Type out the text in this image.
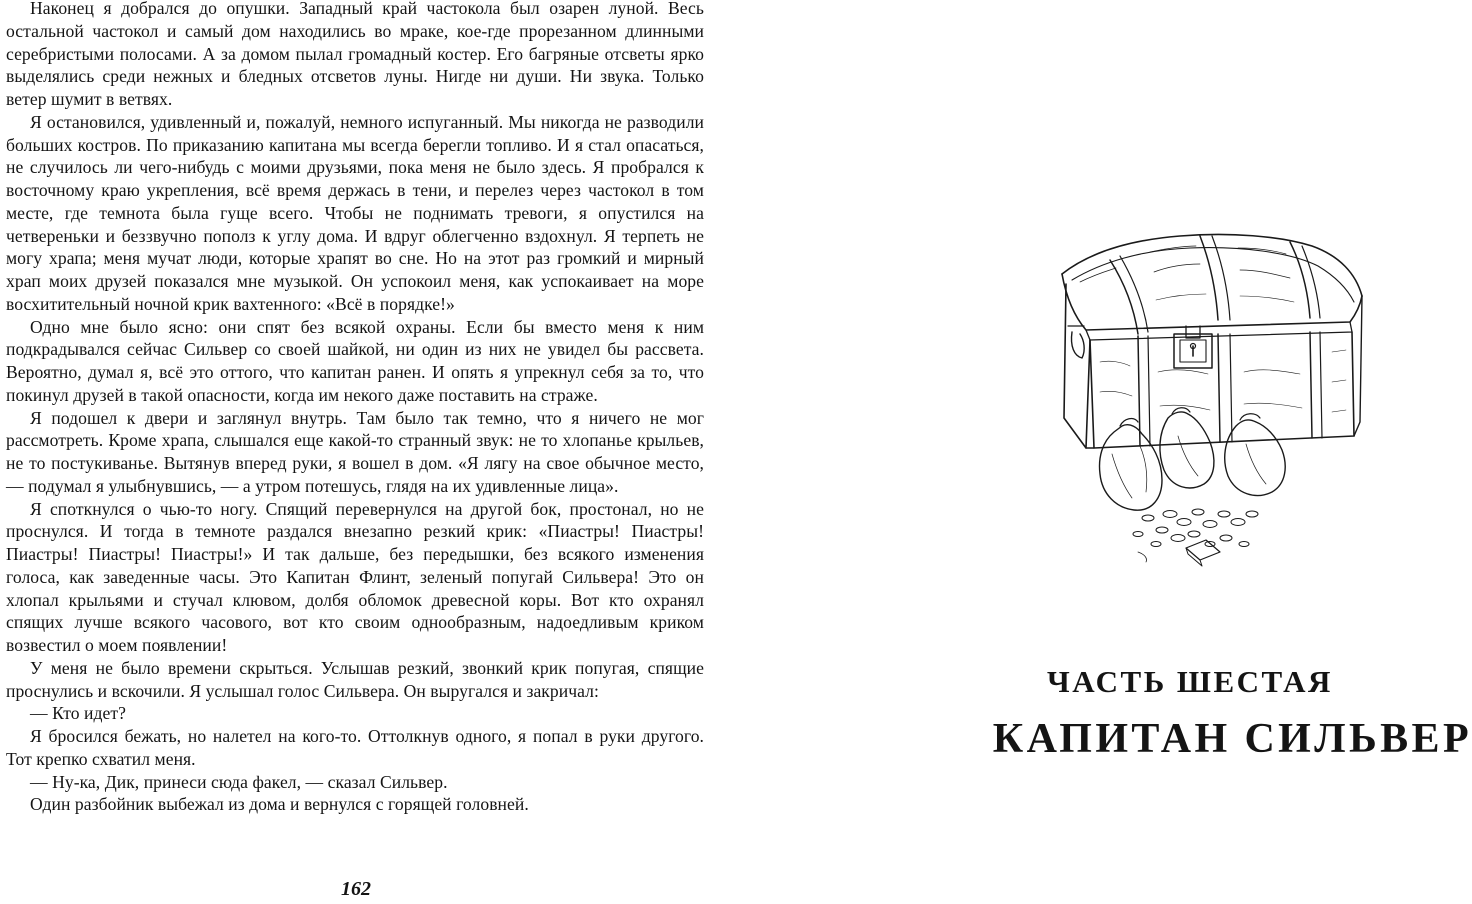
Наконец я добрался до опушки. Западный край частокола был озарен луной. Весь остальной частокол и самый дом находились во мраке, кое-где прорезанном длинными серебристыми полосами. А за домом пылал громадный костер. Его багряные отсветы ярко выделялись среди нежных и бледных отсветов луны. Нигде ни души. Ни звука. Только ветер шумит в ветвях.

Я остановился, удивленный и, пожалуй, немного испуганный. Мы никогда не разводили больших костров. По приказанию капитана мы всегда берегли топливо. И я стал опасаться, не случилось ли чего-нибудь с моими друзьями, пока меня не было здесь. Я пробрался к восточному краю укрепления, всё время держась в тени, и перелез через частокол в том месте, где темнота была гуще всего. Чтобы не поднимать тревоги, я опустился на четвереньки и беззвучно пополз к углу дома. И вдруг облегченно вздохнул. Я терпеть не могу храпа; меня мучат люди, которые храпят во сне. Но на этот раз громкий и мирный храп моих друзей показался мне музыкой. Он успокоил меня, как успокаивает на море восхитительный ночной крик вахтенного: «Всё в порядке!»

Одно мне было ясно: они спят без всякой охраны. Если бы вместо меня к ним подкрадывался сейчас Сильвер со своей шайкой, ни один из них не увидел бы рассвета. Вероятно, думал я, всё это оттого, что капитан ранен. И опять я упрекнул себя за то, что покинул друзей в такой опасности, когда им некого даже поставить на страже.

Я подошел к двери и заглянул внутрь. Там было так темно, что я ничего не мог рассмотреть. Кроме храпа, слышался еще какой-то странный звук: не то хлопанье крыльев, не то постукиванье. Вытянув вперед руки, я вошел в дом. «Я лягу на свое обычное место, — подумал я улыбнувшись, — а утром потешусь, глядя на их удивленные лица».

Я споткнулся о чью-то ногу. Спящий перевернулся на другой бок, простонал, но не проснулся. И тогда в темноте раздался внезапно резкий крик: «Пиастры! Пиастры! Пиастры! Пиастры! Пиастры!» И так дальше, без передышки, без всякого изменения голоса, как заведенные часы. Это Капитан Флинт, зеленый попугай Сильвера! Это он хлопал крыльями и стучал клювом, долбя обломок древесной коры. Вот кто охранял спящих лучше всякого часового, вот кто своим однообразным, надоедливым криком возвестил о моем появлении!

У меня не было времени скрыться. Услышав резкий, звонкий крик попугая, спящие проснулись и вскочили. Я услышал голос Сильвера. Он выругался и закричал:

— Кто идет?

Я бросился бежать, но налетел на кого-то. Оттолкнув одного, я попал в руки другого. Тот крепко схватил меня.

— Ну-ка, Дик, принеси сюда факел, — сказал Сильвер.

Один разбойник выбежал из дома и вернулся с горящей головней.

162
ЧАСТЬ ШЕСТАЯ
КАПИТАН СИЛЬВЕР
